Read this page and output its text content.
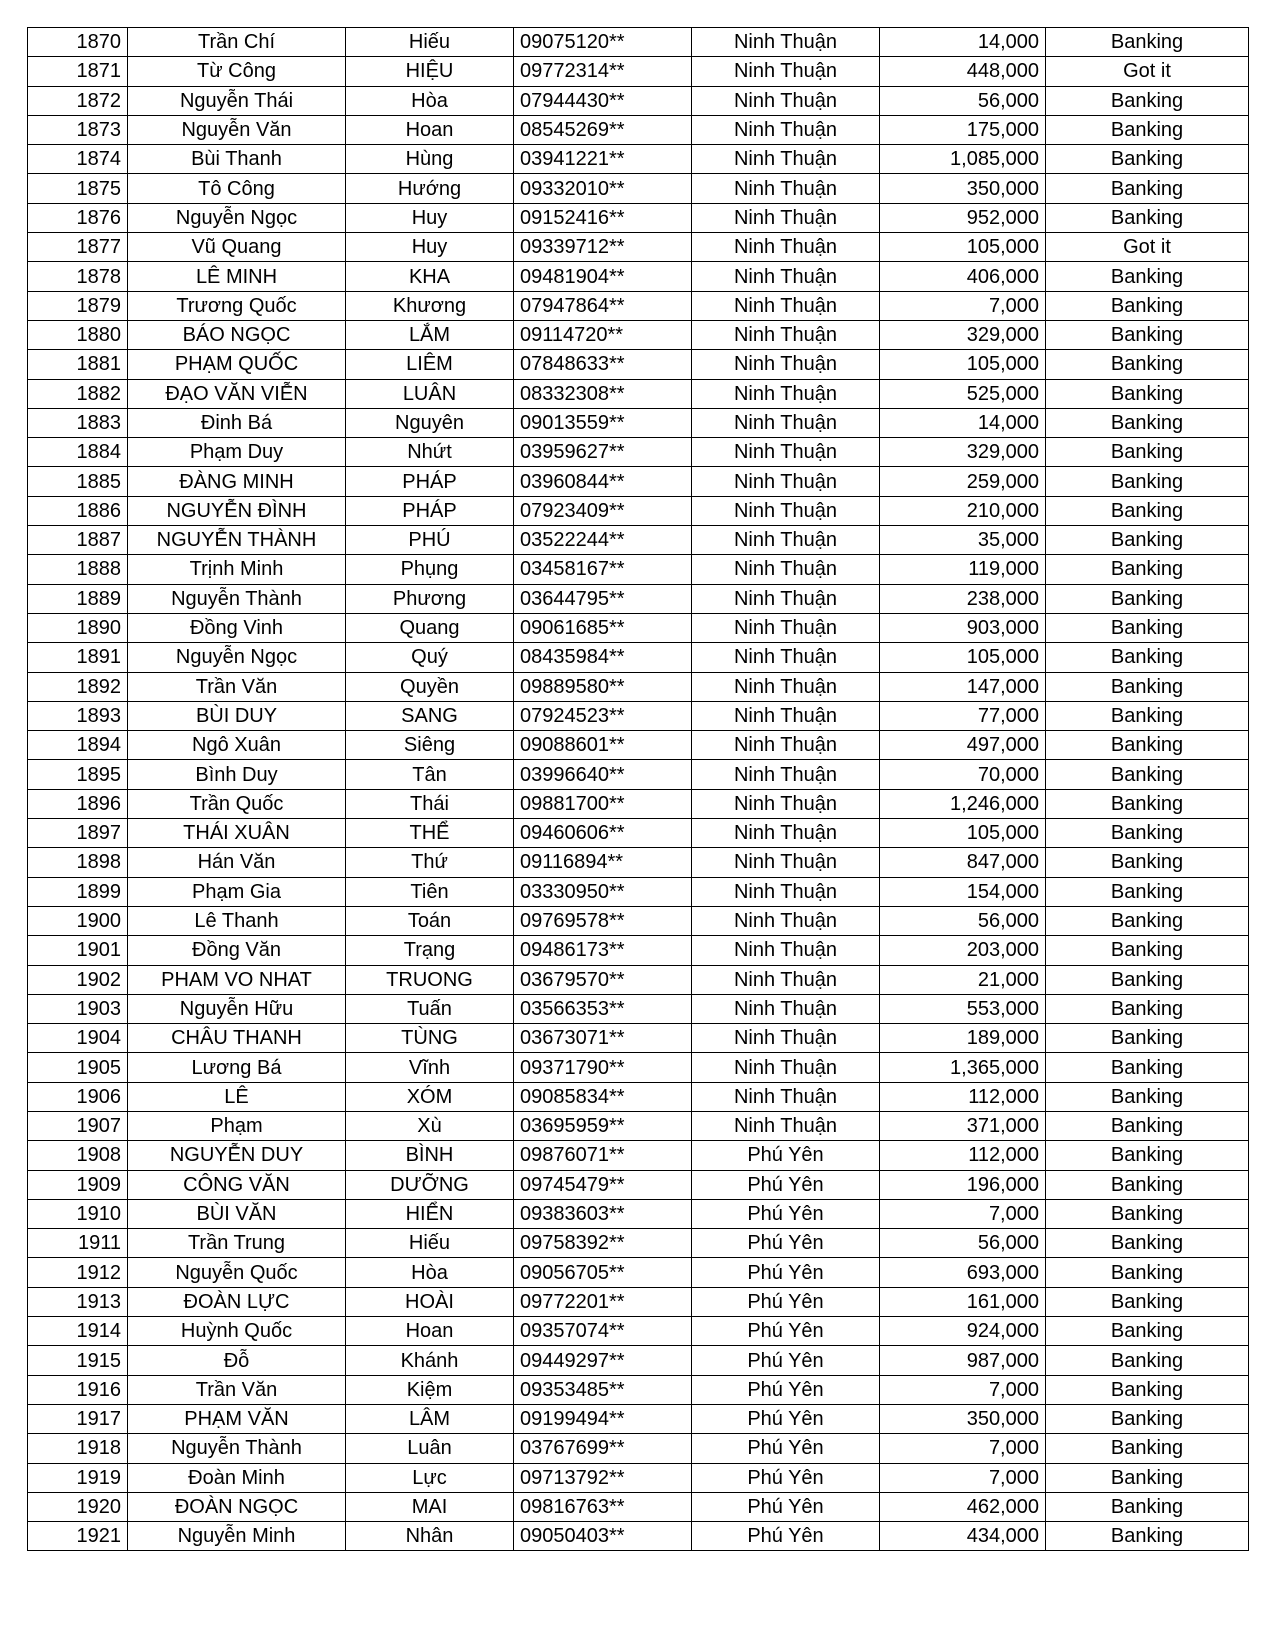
1870	Trần Chí	Hiếu	09075120**	Ninh Thuận	14,000	Banking
1871	Từ Công	HIỆU	09772314**	Ninh Thuận	448,000	Got it
1872	Nguyễn Thái	Hòa	07944430**	Ninh Thuận	56,000	Banking
1873	Nguyễn Văn	Hoan	08545269**	Ninh Thuận	175,000	Banking
1874	Bùi Thanh	Hùng	03941221**	Ninh Thuận	1,085,000	Banking
1875	Tô Công	Hướng	09332010**	Ninh Thuận	350,000	Banking
1876	Nguyễn Ngọc	Huy	09152416**	Ninh Thuận	952,000	Banking
1877	Vũ Quang	Huy	09339712**	Ninh Thuận	105,000	Got it
1878	LÊ MINH	KHA	09481904**	Ninh Thuận	406,000	Banking
1879	Trương Quốc	Khương	07947864**	Ninh Thuận	7,000	Banking
1880	BÁO NGỌC	LẮM	09114720**	Ninh Thuận	329,000	Banking
1881	PHẠM QUỐC	LIÊM	07848633**	Ninh Thuận	105,000	Banking
1882	ĐẠO VĂN VIỄN	LUÂN	08332308**	Ninh Thuận	525,000	Banking
1883	Đinh Bá	Nguyên	09013559**	Ninh Thuận	14,000	Banking
1884	Phạm Duy	Nhứt	03959627**	Ninh Thuận	329,000	Banking
1885	ĐÀNG MINH	PHÁP	03960844**	Ninh Thuận	259,000	Banking
1886	NGUYỄN ĐÌNH	PHÁP	07923409**	Ninh Thuận	210,000	Banking
1887	NGUYỄN THÀNH	PHÚ	03522244**	Ninh Thuận	35,000	Banking
1888	Trịnh Minh	Phụng	03458167**	Ninh Thuận	119,000	Banking
1889	Nguyễn Thành	Phương	03644795**	Ninh Thuận	238,000	Banking
1890	Đồng Vinh	Quang	09061685**	Ninh Thuận	903,000	Banking
1891	Nguyễn Ngọc	Quý	08435984**	Ninh Thuận	105,000	Banking
1892	Trần Văn	Quyền	09889580**	Ninh Thuận	147,000	Banking
1893	BÙI DUY	SANG	07924523**	Ninh Thuận	77,000	Banking
1894	Ngô Xuân	Siêng	09088601**	Ninh Thuận	497,000	Banking
1895	Bình Duy	Tân	03996640**	Ninh Thuận	70,000	Banking
1896	Trần Quốc	Thái	09881700**	Ninh Thuận	1,246,000	Banking
1897	THÁI XUÂN	THỂ	09460606**	Ninh Thuận	105,000	Banking
1898	Hán Văn	Thứ	09116894**	Ninh Thuận	847,000	Banking
1899	Phạm Gia	Tiên	03330950**	Ninh Thuận	154,000	Banking
1900	Lê Thanh	Toán	09769578**	Ninh Thuận	56,000	Banking
1901	Đồng Văn	Trạng	09486173**	Ninh Thuận	203,000	Banking
1902	PHAM VO NHAT	TRUONG	03679570**	Ninh Thuận	21,000	Banking
1903	Nguyễn Hữu	Tuấn	03566353**	Ninh Thuận	553,000	Banking
1904	CHÂU THANH	TÙNG	03673071**	Ninh Thuận	189,000	Banking
1905	Lương Bá	Vĩnh	09371790**	Ninh Thuận	1,365,000	Banking
1906	LÊ	XÓM	09085834**	Ninh Thuận	112,000	Banking
1907	Phạm	Xù	03695959**	Ninh Thuận	371,000	Banking
1908	NGUYỄN DUY	BÌNH	09876071**	Phú Yên	112,000	Banking
1909	CÔNG VĂN	DƯỠNG	09745479**	Phú Yên	196,000	Banking
1910	BÙI VĂN	HIỂN	09383603**	Phú Yên	7,000	Banking
1911	Trần Trung	Hiếu	09758392**	Phú Yên	56,000	Banking
1912	Nguyễn Quốc	Hòa	09056705**	Phú Yên	693,000	Banking
1913	ĐOÀN LỰC	HOÀI	09772201**	Phú Yên	161,000	Banking
1914	Huỳnh Quốc	Hoan	09357074**	Phú Yên	924,000	Banking
1915	Đỗ	Khánh	09449297**	Phú Yên	987,000	Banking
1916	Trần Văn	Kiệm	09353485**	Phú Yên	7,000	Banking
1917	PHẠM VĂN	LÂM	09199494**	Phú Yên	350,000	Banking
1918	Nguyễn Thành	Luân	03767699**	Phú Yên	7,000	Banking
1919	Đoàn Minh	Lực	09713792**	Phú Yên	7,000	Banking
1920	ĐOÀN NGỌC	MAI	09816763**	Phú Yên	462,000	Banking
1921	Nguyễn Minh	Nhân	09050403**	Phú Yên	434,000	Banking
